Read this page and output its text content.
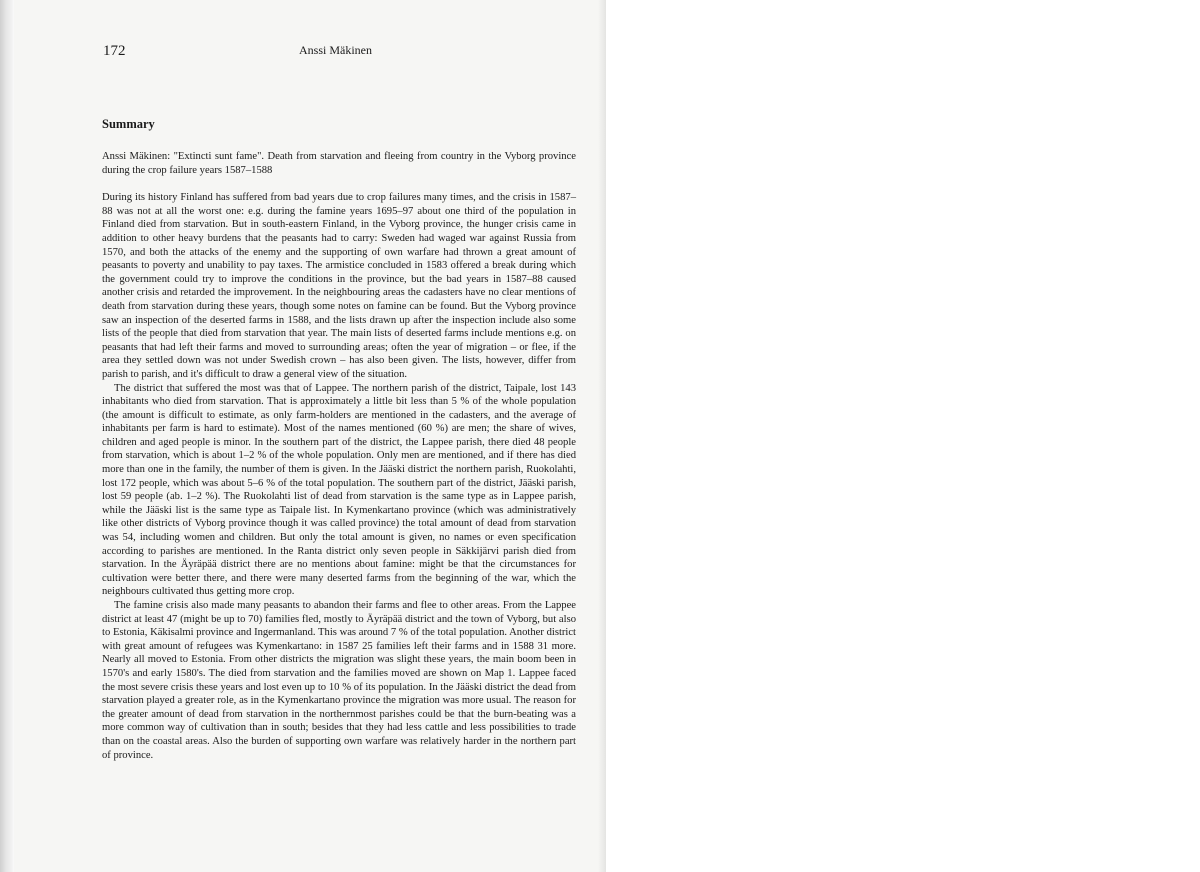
172	Anssi Mäkinen
Summary

Anssi Mäkinen: "Extincti sunt fame". Death from starvation and fleeing from country in the Vyborg province during the crop failure years 1587–1588

During its history Finland has suffered from bad years due to crop failures many times, and the crisis in 1587–88 was not at all the worst one: e.g. during the famine years 1695–97 about one third of the population in Finland died from starvation. But in south-eastern Finland, in the Vyborg province, the hunger crisis came in addition to other heavy burdens that the peasants had to carry: Sweden had waged war against Russia from 1570, and both the attacks of the enemy and the supporting of own warfare had thrown a great amount of peasants to poverty and unability to pay taxes. The armistice concluded in 1583 offered a break during which the government could try to improve the conditions in the province, but the bad years in 1587–88 caused another crisis and retarded the improvement. In the neighbouring areas the cadasters have no clear mentions of death from starvation during these years, though some notes on famine can be found. But the Vyborg province saw an inspection of the deserted farms in 1588, and the lists drawn up after the inspection include also some lists of the people that died from starvation that year. The main lists of deserted farms include mentions e.g. on peasants that had left their farms and moved to surrounding areas; often the year of migration – or flee, if the area they settled down was not under Swedish crown – has also been given. The lists, however, differ from parish to parish, and it's difficult to draw a general view of the situation.

The district that suffered the most was that of Lappee. The northern parish of the district, Taipale, lost 143 inhabitants who died from starvation. That is approximately a little bit less than 5 % of the whole population (the amount is difficult to estimate, as only farm-holders are mentioned in the cadasters, and the average of inhabitants per farm is hard to estimate). Most of the names mentioned (60 %) are men; the share of wives, children and aged people is minor. In the southern part of the district, the Lappee parish, there died 48 people from starvation, which is about 1–2 % of the whole population. Only men are mentioned, and if there has died more than one in the family, the number of them is given. In the Jääski district the northern parish, Ruokolahti, lost 172 people, which was about 5–6 % of the total population. The southern part of the district, Jääski parish, lost 59 people (ab. 1–2 %). The Ruokolahti list of dead from starvation is the same type as in Lappee parish, while the Jääski list is the same type as Taipale list. In Kymenkartano province (which was administratively like other districts of Vyborg province though it was called province) the total amount of dead from starvation was 54, including women and children. But only the total amount is given, no names or even specification according to parishes are mentioned. In the Ranta district only seven people in Säkkijärvi parish died from starvation. In the Äyräpää district there are no mentions about famine: might be that the circumstances for cultivation were better there, and there were many deserted farms from the beginning of the war, which the neighbours cultivated thus getting more crop.

The famine crisis also made many peasants to abandon their farms and flee to other areas. From the Lappee district at least 47 (might be up to 70) families fled, mostly to Äyräpää district and the town of Vyborg, but also to Estonia, Käkisalmi province and Ingermanland. This was around 7 % of the total population. Another district with great amount of refugees was Kymenkartano: in 1587 25 families left their farms and in 1588 31 more. Nearly all moved to Estonia. From other districts the migration was slight these years, the main boom been in 1570's and early 1580's. The died from starvation and the families moved are shown on Map 1. Lappee faced the most severe crisis these years and lost even up to 10 % of its population. In the Jääski district the dead from starvation played a greater role, as in the Kymenkartano province the migration was more usual. The reason for the greater amount of dead from starvation in the northernmost parishes could be that the burn-beating was a more common way of cultivation than in south; besides that they had less cattle and less possibilities to trade than on the coastal areas. Also the burden of supporting own warfare was relatively harder in the northern part of province.
